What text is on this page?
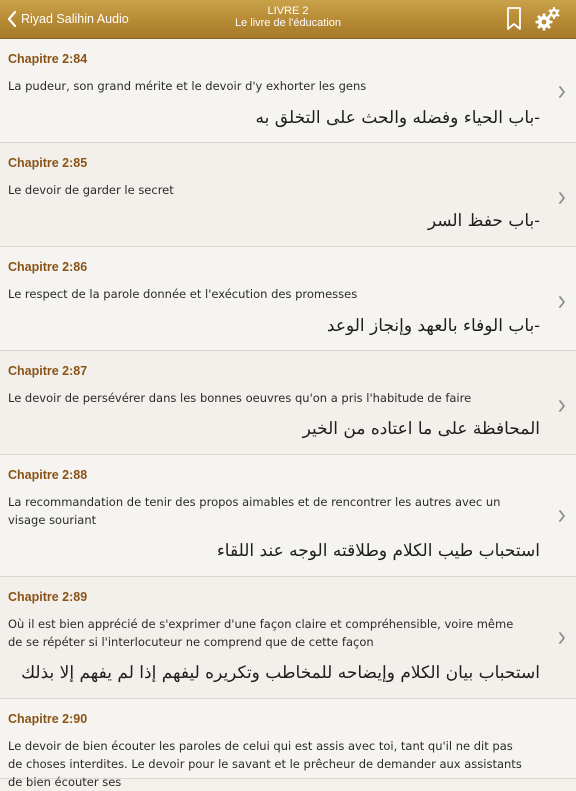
Riyad Salihin Audio
LIVRE 2
Le livre de l'éducation
Chapitre 2:84
La pudeur, son grand mérite et le devoir d'y exhorter les gens
-باب الحياء وفضله والحث على التخلق به
Chapitre 2:85
Le devoir de garder le secret
-باب حفظ السر
Chapitre 2:86
Le respect de la parole donnée et l'exécution des promesses
-باب الوفاء بالعهد وإنجاز الوعد
Chapitre 2:87
Le devoir de persévérer dans les bonnes oeuvres qu'on a pris l'habitude de faire
المحافظة على ما اعتاده من الخير
Chapitre 2:88
La recommandation de tenir des propos aimables et de rencontrer les autres avec un visage souriant
استحباب طيب الكلام وطلاقته الوجه عند اللقاء
Chapitre 2:89
Où il est bien apprécié de s'exprimer d'une façon claire et compréhensible, voire même de se répéter si l'interlocuteur ne comprend que de cette façon
استحباب بيان الكلام وإيضاحه للمخاطب وتكريره ليفهم إذا لم يفهم إلا بذلك
Chapitre 2:90
Le devoir de bien écouter les paroles de celui qui est assis avec toi, tant qu'il ne dit pas de choses interdites. Le devoir pour le savant et le prêcheur de demander aux assistants de bien écouter ses
